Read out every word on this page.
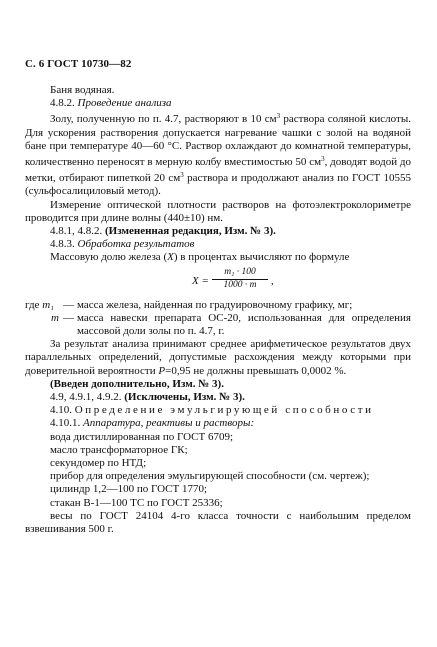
С. 6 ГОСТ 10730—82

Баня водяная.

4.8.2. Проведение анализа

Золу, полученную по п. 4.7, растворяют в 10 $см^3$ раствора соляной кислоты. Для ускорения растворения допускается нагревание чашки с золой на водяной бане при температуре 40—60 °С. Раствор охлаждают до комнатной температуры, количественно переносят в мерную колбу вместимостью 50 $см^3$, доводят водой до метки, отбирают пипеткой 20 $см^3$ раствора и продолжают анализ по ГОСТ 10555 (сульфосалициловый метод).

Измерение оптической плотности растворов на фотоэлектроколориметре проводится при длине волны (440±10) нм.

4.8.1, 4.8.2. (Измененная редакция, Изм. № 3).

4.8.3. Обработка результатов

Массовую долю железа (X) в процентах вычисляют по формуле

$X = \frac{\text{m₁ · 100}}{1000 \cdot m}$ ,
где m₁ — масса железа, найденная по градуировочному графику, мг;
m — масса навески препарата ОС-20, использованная для определения массовой доли золы по п. 4.7, г.

За результат анализа принимают среднее арифметическое результатов двух параллельных определений, допустимые расхождения между которыми при доверительной вероятности Р=0,95 не должны превышать 0,0002 %.

(Введен дополнительно, Изм. № 3).

4.9, 4.9.1, 4.9.2. (Исключены, Изм. № 3).

4.10. Определение эмульгирующей способности

4.10.1. Аппаратура, реактивы и растворы:

вода дистиллированная по ГОСТ 6709;

масло трансформаторное ГК;

секундомер по НТД;

прибор для определения эмульгирующей способности (см. чертеж);

цилиндр 1,2—100 по ГОСТ 1770;

стакан В-1—100 ТС по ГОСТ 25336;

весы по ГОСТ 24104 4-го класса точности с наибольшим пределом взвешивания 500 г.
